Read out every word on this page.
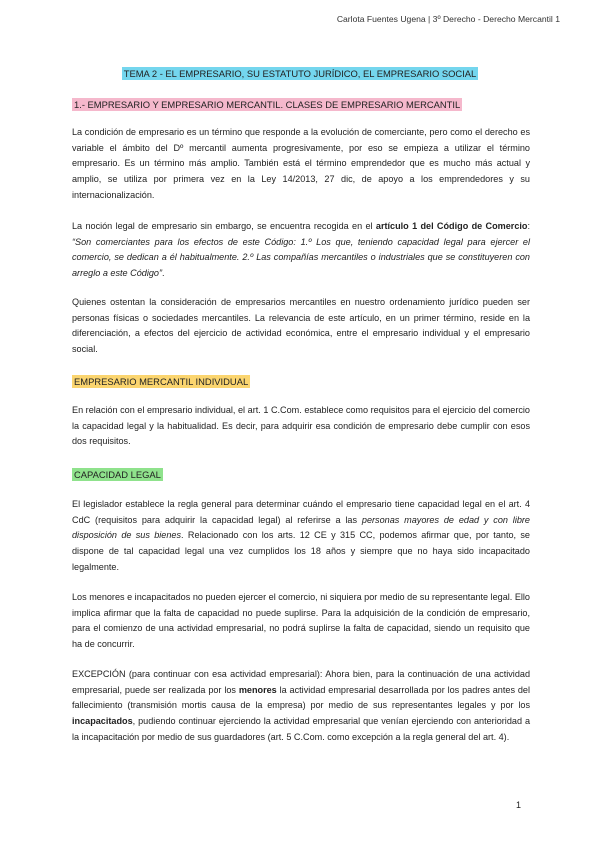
Carlota Fuentes Ugena | 3º Derecho - Derecho Mercantil 1
TEMA 2 - EL EMPRESARIO, SU ESTATUTO JURÍDICO, EL EMPRESARIO SOCIAL
1.- EMPRESARIO Y EMPRESARIO MERCANTIL. CLASES DE EMPRESARIO MERCANTIL
La condición de empresario es un término que responde a la evolución de comerciante, pero como el derecho es variable el ámbito del Dº mercantil aumenta progresivamente, por eso se empieza a utilizar el término empresario. Es un término más amplio. También está el término emprendedor que es mucho más actual y amplio, se utiliza por primera vez en la Ley 14/2013, 27 dic, de apoyo a los emprendedores y su internacionalización.
La noción legal de empresario sin embargo, se encuentra recogida en el artículo 1 del Código de Comercio: “Son comerciantes para los efectos de este Código: 1.º Los que, teniendo capacidad legal para ejercer el comercio, se dedican a él habitualmente. 2.º Las compañías mercantiles o industriales que se constituyeren con arreglo a este Código”.
Quienes ostentan la consideración de empresarios mercantiles en nuestro ordenamiento jurídico pueden ser personas físicas o sociedades mercantiles. La relevancia de este artículo, en un primer término, reside en la diferenciación, a efectos del ejercicio de actividad económica, entre el empresario individual y el empresario social.
EMPRESARIO MERCANTIL INDIVIDUAL
En relación con el empresario individual, el art. 1 C.Com. establece como requisitos para el ejercicio del comercio la capacidad legal y la habitualidad. Es decir, para adquirir esa condición de empresario debe cumplir con esos dos requisitos.
CAPACIDAD LEGAL
El legislador establece la regla general para determinar cuándo el empresario tiene capacidad legal en el art. 4 CdC (requisitos para adquirir la capacidad legal) al referirse a las personas mayores de edad y con libre disposición de sus bienes. Relacionado con los arts. 12 CE y 315 CC, podemos afirmar que, por tanto, se dispone de tal capacidad legal una vez cumplidos los 18 años y siempre que no haya sido incapacitado legalmente.
Los menores e incapacitados no pueden ejercer el comercio, ni siquiera por medio de su representante legal. Ello implica afirmar que la falta de capacidad no puede suplirse. Para la adquisición de la condición de empresario, para el comienzo de una actividad empresarial, no podrá suplirse la falta de capacidad, siendo un requisito que ha de concurrir.
EXCEPCIÓN (para continuar con esa actividad empresarial): Ahora bien, para la continuación de una actividad empresarial, puede ser realizada por los menores la actividad empresarial desarrollada por los padres antes del fallecimiento (transmisión mortis causa de la empresa) por medio de sus representantes legales y por los incapacitados, pudiendo continuar ejerciendo la actividad empresarial que venían ejerciendo con anterioridad a la incapacitación por medio de sus guardadores (art. 5 C.Com. como excepción a la regla general del art. 4).
1
